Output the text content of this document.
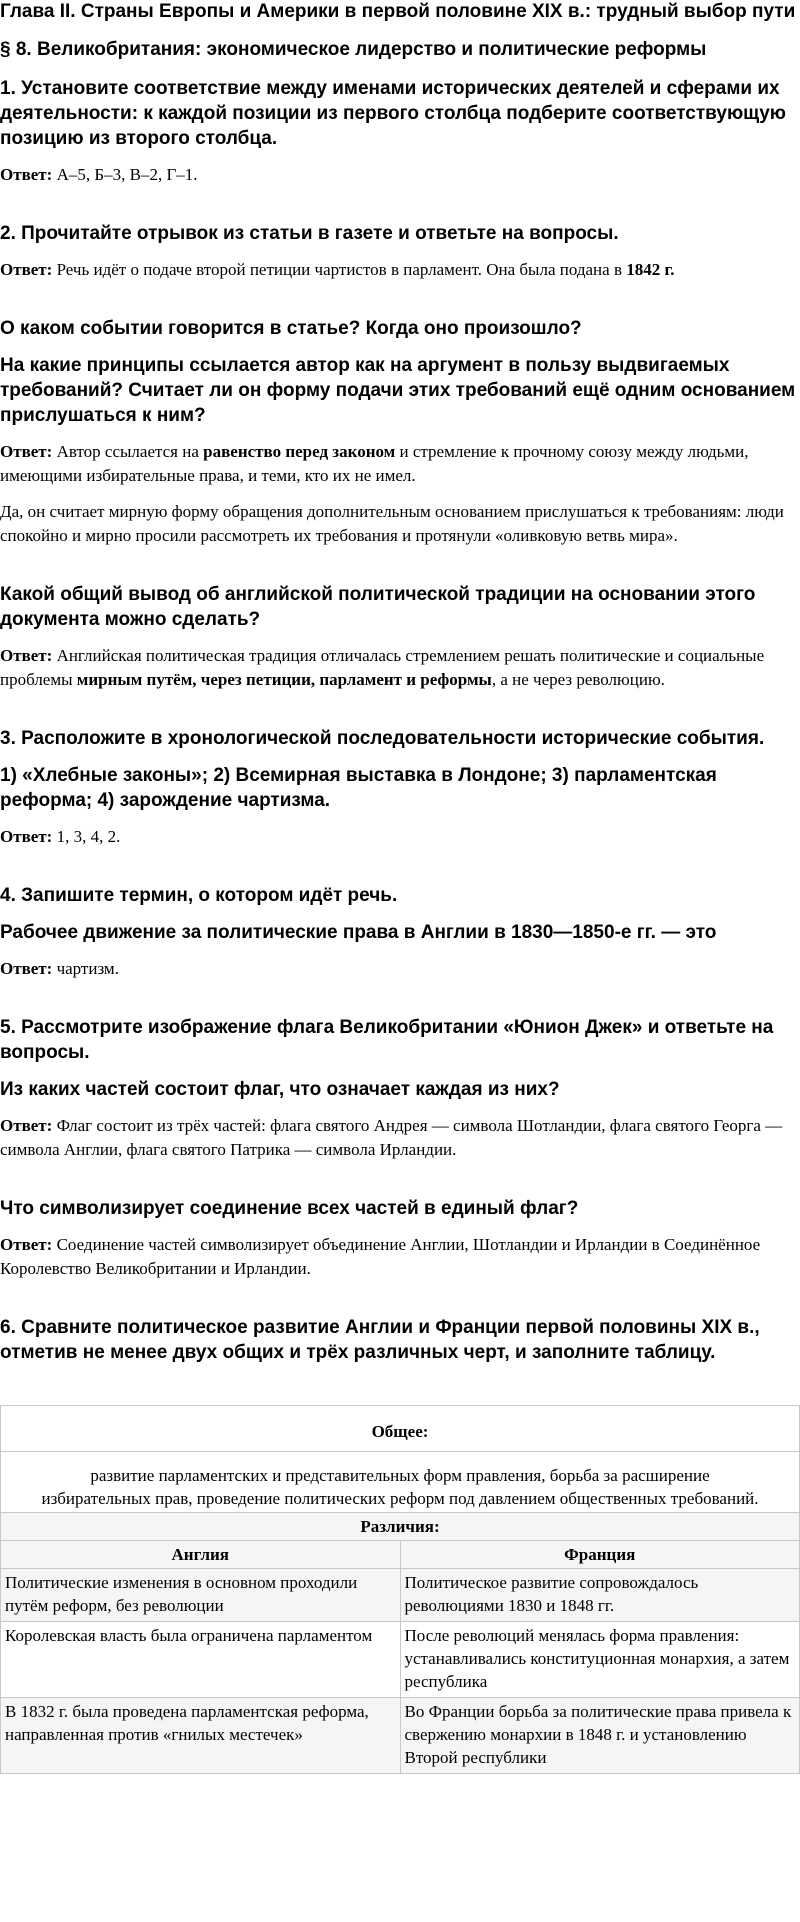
Глава II. Страны Европы и Америки в первой половине XIX в.: трудный выбор пути
§ 8. Великобритания: экономическое лидерство и политические реформы
1. Установите соответствие между именами исторических деятелей и сферами их деятельности: к каждой позиции из первого столбца подберите соответствующую позицию из второго столбца.

Ответ: А–5, Б–3, В–2, Г–1.

2. Прочитайте отрывок из статьи в газете и ответьте на вопросы.

Ответ: Речь идёт о подаче второй петиции чартистов в парламент. Она была подана в 1842 г.

О каком событии говорится в статье? Когда оно произошло?
На какие принципы ссылается автор как на аргумент в пользу выдвигаемых требований? Считает ли он форму подачи этих требований ещё одним основанием прислушаться к ним?

Ответ: Автор ссылается на равенство перед законом и стремление к прочному союзу между людьми, имеющими избирательные права, и теми, кто их не имел.

Да, он считает мирную форму обращения дополнительным основанием прислушаться к требованиям: люди спокойно и мирно просили рассмотреть их требования и протянули «оливковую ветвь мира».

Какой общий вывод об английской политической традиции на основании этого документа можно сделать?

Ответ: Английская политическая традиция отличалась стремлением решать политические и социальные проблемы мирным путём, через петиции, парламент и реформы, а не через революцию.

3. Расположите в хронологической последовательности исторические события.
1) «Хлебные законы»; 2) Всемирная выставка в Лондоне; 3) парламентская реформа; 4) зарождение чартизма.

Ответ: 1, 3, 4, 2.

4. Запишите термин, о котором идёт речь.
Рабочее движение за политические права в Англии в 1830—1850-е гг. — это

Ответ: чартизм.

5. Рассмотрите изображение флага Великобритании «Юнион Джек» и ответьте на вопросы.
Из каких частей состоит флаг, что означает каждая из них?

Ответ: Флаг состоит из трёх частей: флага святого Андрея — символа Шотландии, флага святого Георга — символа Англии, флага святого Патрика — символа Ирландии.

Что символизирует соединение всех частей в единый флаг?

Ответ: Соединение частей символизирует объединение Англии, Шотландии и Ирландии в Соединённое Королевство Великобритании и Ирландии.

6. Сравните политическое развитие Англии и Франции первой половины XIX в., отметив не менее двух общих и трёх различных черт, и заполните таблицу.
Общее:	
развитие парламентских и представительных форм правления, борьба за расширение избирательных прав, проведение политических реформ под давлением общественных требований.	
Различия:	
Англия	Франция
Политические изменения в основном проходили путём реформ, без революции	Политическое развитие сопровождалось революциями 1830 и 1848 гг.
Королевская власть была ограничена парламентом	После революций менялась форма правления: устанавливались конституционная монархия, а затем республика
В 1832 г. была проведена парламентская реформа, направленная против «гнилых местечек»	Во Франции борьба за политические права привела к свержению монархии в 1848 г. и установлению Второй республики
